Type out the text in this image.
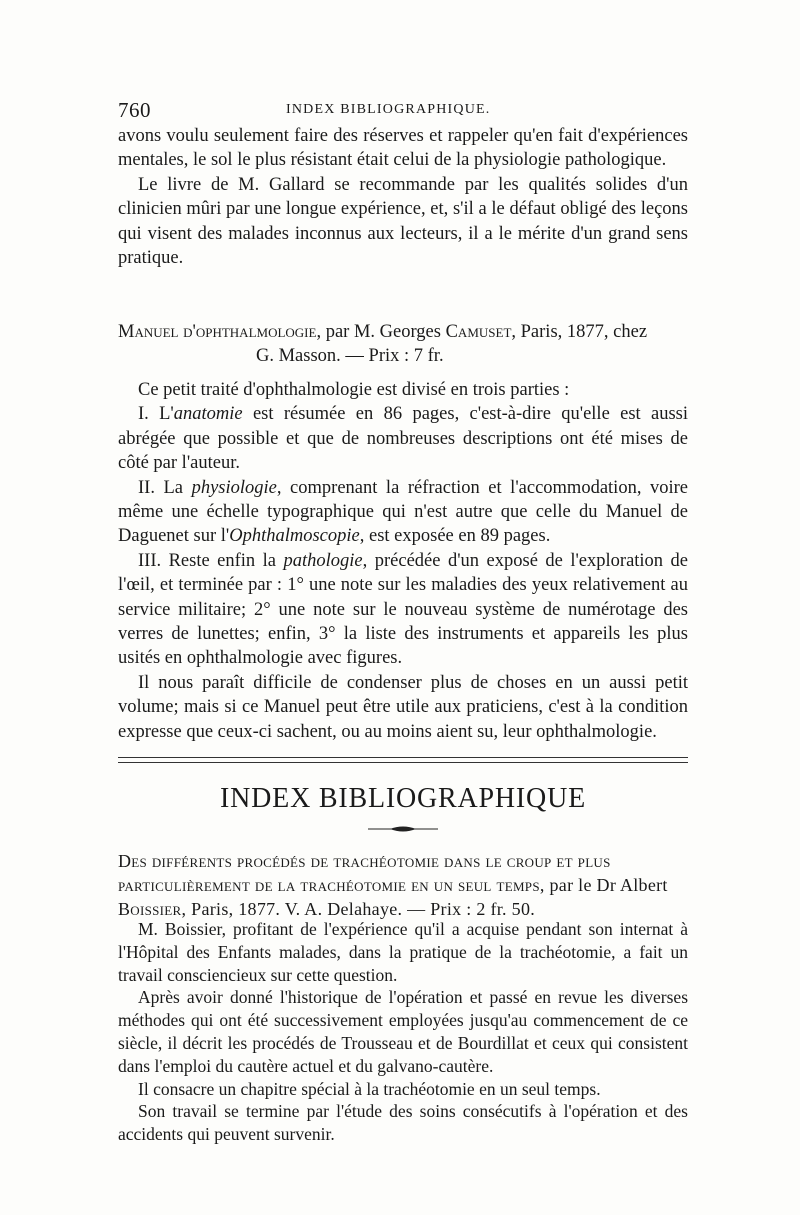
760	INDEX BIBLIOGRAPHIQUE.

avons voulu seulement faire des réserves et rappeler qu'en fait d'expériences mentales, le sol le plus résistant était celui de la physiologie pathologique.

Le livre de M. Gallard se recommande par les qualités solides d'un clinicien mûri par une longue expérience, et, s'il a le défaut obligé des leçons qui visent des malades inconnus aux lecteurs, il a le mérite d'un grand sens pratique.

Manuel d'ophthalmologie, par M. Georges Camuset, Paris, 1877, chez
G. Masson. — Prix : 7 fr.

Ce petit traité d'ophthalmologie est divisé en trois parties :

I. L'anatomie est résumée en 86 pages, c'est-à-dire qu'elle est aussi abrégée que possible et que de nombreuses descriptions ont été mises de côté par l'auteur.

II. La physiologie, comprenant la réfraction et l'accommodation, voire même une échelle typographique qui n'est autre que celle du Manuel de Daguenet sur l'Ophthalmoscopie, est exposée en 89 pages.

III. Reste enfin la pathologie, précédée d'un exposé de l'exploration de l'œil, et terminée par : 1° une note sur les maladies des yeux relativement au service militaire; 2° une note sur le nouveau système de numérotage des verres de lunettes; enfin, 3° la liste des instruments et appareils les plus usités en ophthalmologie avec figures.

Il nous paraît difficile de condenser plus de choses en un aussi petit volume; mais si ce Manuel peut être utile aux praticiens, c'est à la condition expresse que ceux-ci sachent, ou au moins aient su, leur ophthalmologie.

INDEX BIBLIOGRAPHIQUE
Des différents procédés de trachéotomie dans le croup et plus particulièrement de la trachéotomie en un seul temps, par le Dr Albert Boissier, Paris, 1877. V. A. Delahaye. — Prix : 2 fr. 50.

M. Boissier, profitant de l'expérience qu'il a acquise pendant son internat à l'Hôpital des Enfants malades, dans la pratique de la trachéotomie, a fait un travail consciencieux sur cette question.

Après avoir donné l'historique de l'opération et passé en revue les diverses méthodes qui ont été successivement employées jusqu'au commencement de ce siècle, il décrit les procédés de Trousseau et de Bourdillat et ceux qui consistent dans l'emploi du cautère actuel et du galvano-cautère.

Il consacre un chapitre spécial à la trachéotomie en un seul temps.

Son travail se termine par l'étude des soins consécutifs à l'opération et des accidents qui peuvent survenir.
